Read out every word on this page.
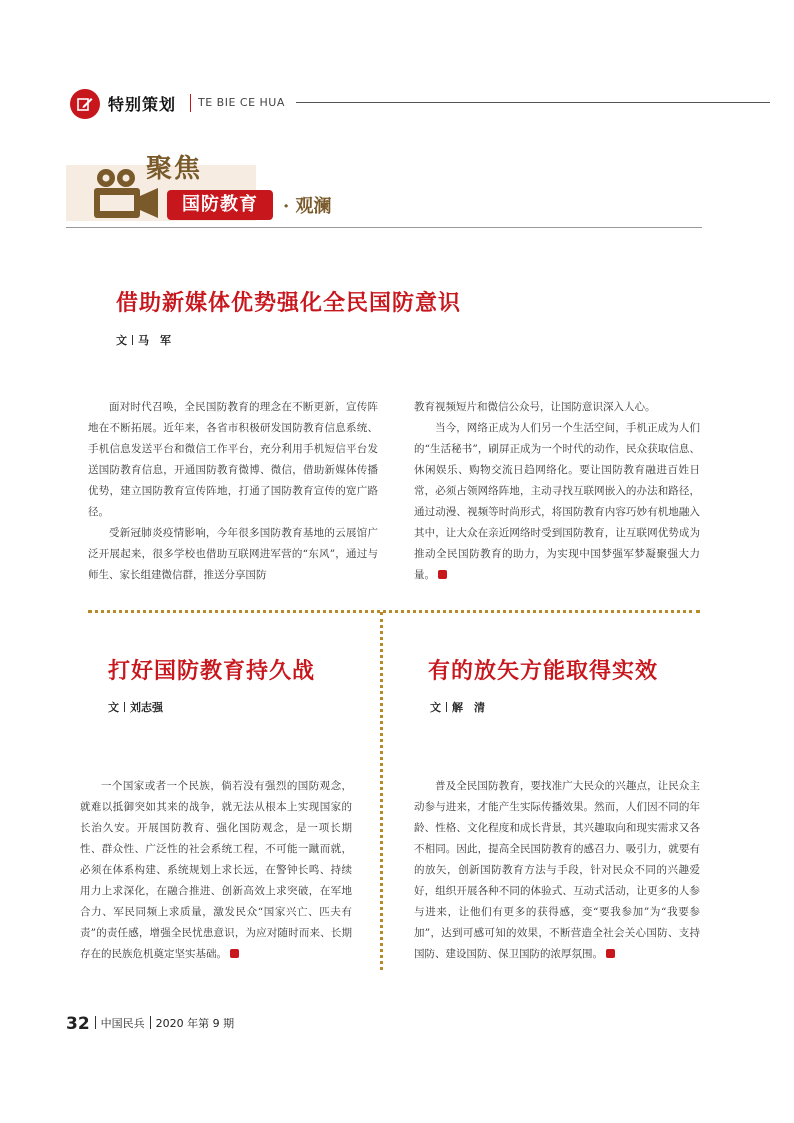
特别策划 TE BIE CE HUA
聚焦
国防教育	· 观澜
借助新媒体优势强化全民国防意识
文 马　军

面对时代召唤，全民国防教育的理念在不断更新，宣传阵地在不断拓展。近年来，各省市积极研发国防教育信息系统、手机信息发送平台和微信工作平台，充分利用手机短信平台发送国防教育信息，开通国防教育微博、微信，借助新媒体传播优势，建立国防教育宣传阵地，打通了国防教育宣传的宽广路径。

受新冠肺炎疫情影响，今年很多国防教育基地的云展馆广泛开展起来，很多学校也借助互联网进军营的“东风”，通过与师生、家长组建微信群，推送分享国防

教育视频短片和微信公众号，让国防意识深入人心。

当今，网络正成为人们另一个生活空间，手机正成为人们的“生活秘书”，刷屏正成为一个时代的动作，民众获取信息、休闲娱乐、购物交流日趋网络化。要让国防教育融进百姓日常，必须占领网络阵地，主动寻找互联网嵌入的办法和路径，通过动漫、视频等时尚形式，将国防教育内容巧妙有机地融入其中，让大众在亲近网络时受到国防教育，让互联网优势成为推动全民国防教育的助力，为实现中国梦强军梦凝聚强大力量。

打好国防教育持久战
文 刘志强

一个国家或者一个民族，倘若没有强烈的国防观念，就难以抵御突如其来的战争，就无法从根本上实现国家的长治久安。开展国防教育、强化国防观念，是一项长期性、群众性、广泛性的社会系统工程，不可能一蹴而就，必须在体系构建、系统规划上求长远，在警钟长鸣、持续用力上求深化，在融合推进、创新高效上求突破，在军地合力、军民同频上求质量，激发民众“国家兴亡、匹夫有责”的责任感，增强全民忧患意识，为应对随时而来、长期存在的民族危机奠定坚实基础。

有的放矢方能取得实效
文 解　清

普及全民国防教育，要找准广大民众的兴趣点，让民众主动参与进来，才能产生实际传播效果。然而，人们因不同的年龄、性格、文化程度和成长背景，其兴趣取向和现实需求又各不相同。因此，提高全民国防教育的感召力、吸引力，就要有的放矢，创新国防教育方法与手段，针对民众不同的兴趣爱好，组织开展各种不同的体验式、互动式活动，让更多的人参与进来，让他们有更多的获得感，变“要我参加”为“我要参加”，达到可感可知的效果，不断营造全社会关心国防、支持国防、建设国防、保卫国防的浓厚氛围。

32 中国民兵 2020 年第 9 期
